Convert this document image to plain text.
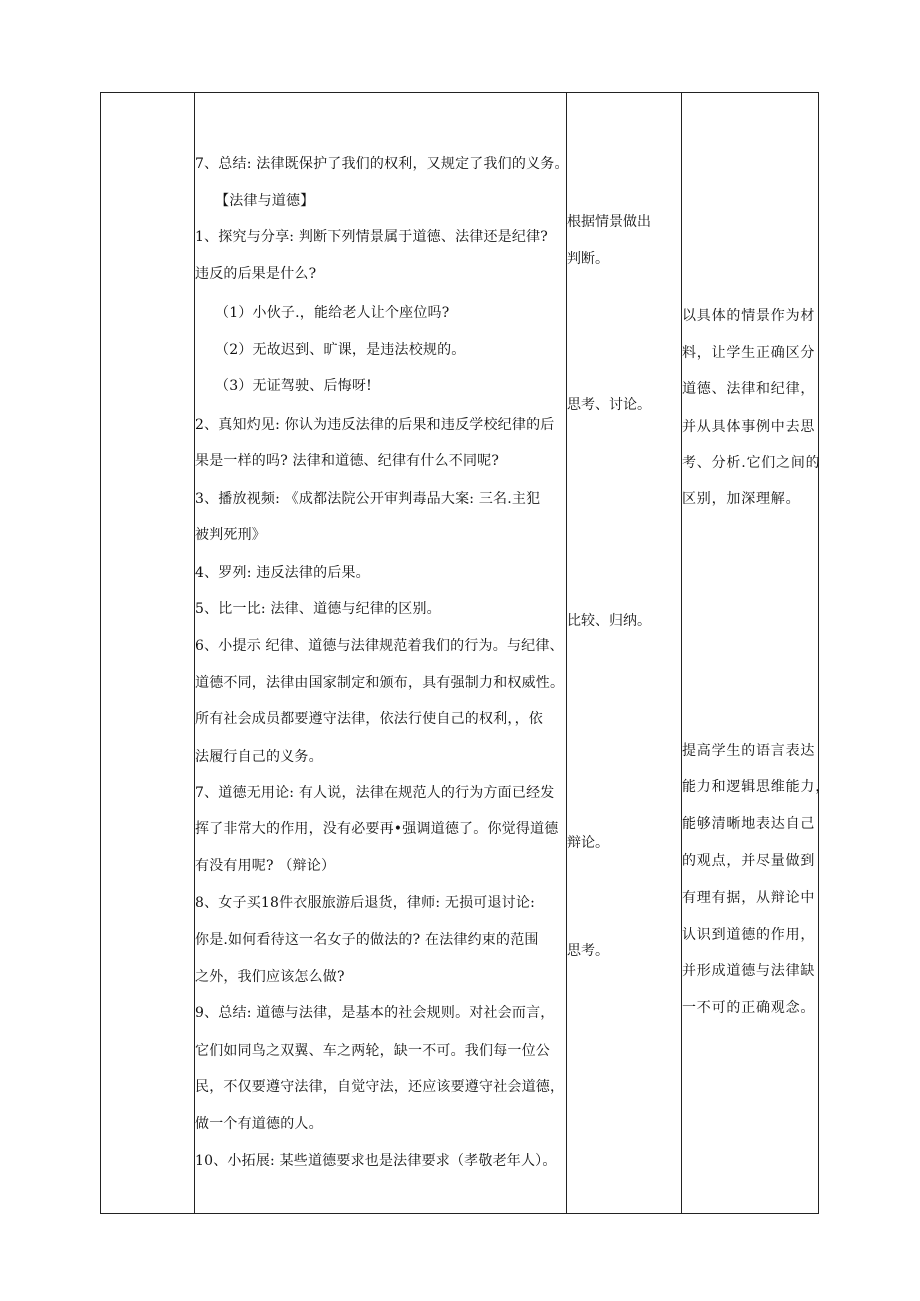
7、总结: 法律既保护了我们的权利，又规定了我们的义务。
【法律与道德】
1、探究与分享: 判断下列情景属于道德、法律还是纪律?
违反的后果是什么?
（1）小伙子.，能给老人让个座位吗?
（2）无故迟到、旷课，是违法校规的。
（3）无证驾驶、后悔呀!
2、真知灼见: 你认为违反法律的后果和违反学校纪律的后
果是一样的吗? 法律和道德、纪律有什么不同呢?
3、播放视频: 《成都法院公开审判毒品大案: 三名.主犯
被判死刑》
4、罗列: 违反法律的后果。
5、比一比: 法律、道德与纪律的区别。
6、小提示 纪律、道德与法律规范着我们的行为。与纪律、
道德不同，法律由国家制定和颁布，具有强制力和权威性。
所有社会成员都要遵守法律，依法行使自己的权利，，依
法履行自己的义务。
7、道德无用论: 有人说，法律在规范人的行为方面已经发
挥了非常大的作用，没有必要再•强调道德了。你觉得道德
有没有用呢? （辩论）
8、女子买18件衣服旅游后退货，律师: 无损可退讨论:
你是.如何看待这一名女子的做法的? 在法律约束的范围
之外，我们应该怎么做?
9、总结: 道德与法律，是基本的社会规则。对社会而言，
它们如同鸟之双翼、车之两轮，缺一不可。我们每一位公
民，不仅要遵守法律，自觉守法，还应该要遵守社会道德，
做一个有道德的人。
10、小拓展: 某些道德要求也是法律要求（孝敬老年人）。
根据情景做出
判断。
思考、讨论。
比较、归纳。
辩论。
思考。
以具体的情景作为材
料，让学生正确区分
道德、法律和纪律，
并从具体事例中去思
考、分析.它们之间的
区别，加深理解。
提高学生的语言表达
能力和逻辑思维能力，
能够清晰地表达自己
的观点，并尽量做到
有理有据，从辩论中
认识到道德的作用，
并形成道德与法律缺
一不可的正确观念。
